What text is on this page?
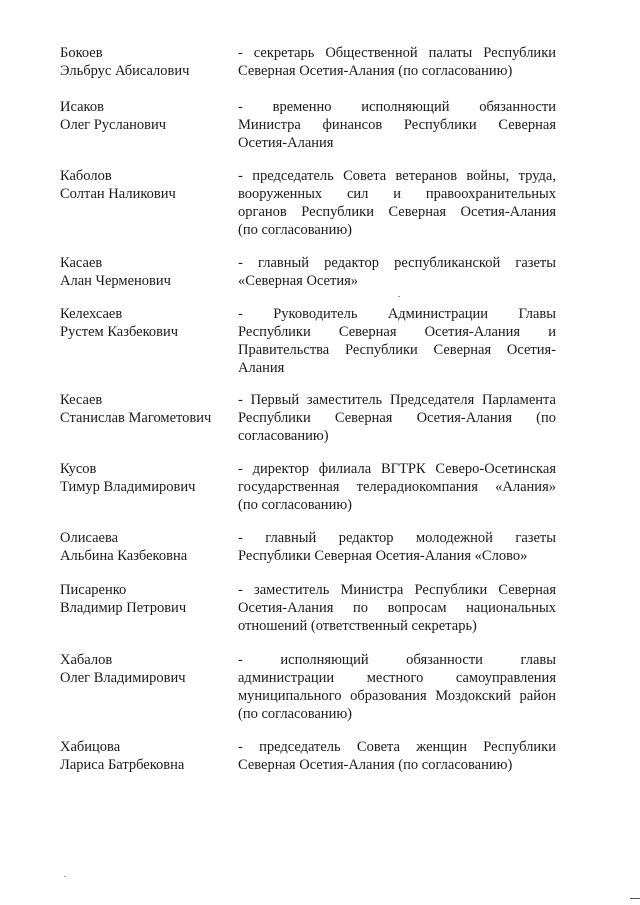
Бокоев
Эльбрус Абисалович
- секретарь Общественной палаты Республики
Северная Осетия-Алания (по согласованию)
Исаков
Олег Русланович
- временно исполняющий обязанности
Министра финансов Республики Северная
Осетия-Алания
Каболов
Солтан Наликович
- председатель Совета ветеранов войны, труда,
вооруженных сил и правоохранительных
органов Республики Северная Осетия-Алания
(по согласованию)
Касаев
Алан Черменович
- главный редактор республиканской газеты
«Северная Осетия»
Келехсаев
Рустем Казбекович
- Руководитель Администрации Главы
Республики Северная Осетия-Алания и
Правительства Республики Северная Осетия-
Алания
Кесаев
Станислав Магометович
- Первый заместитель Председателя Парламента
Республики Северная Осетия-Алания (по
согласованию)
Кусов
Тимур Владимирович
- директор филиала ВГТРК Северо-Осетинская
государственная телерадиокомпания «Алания»
(по согласованию)
Олисаева
Альбина Казбековна
- главный редактор молодежной газеты
Республики Северная Осетия-Алания «Слово»
Писаренко
Владимир Петрович
- заместитель Министра Республики Северная
Осетия-Алания по вопросам национальных
отношений (ответственный секретарь)
Хабалов
Олег Владимирович
- исполняющий обязанности главы
администрации местного самоуправления
муниципального образования Моздокский район
(по согласованию)
Хабицова
Лариса Батрбековна
- председатель Совета женщин Республики
Северная Осетия-Алания (по согласованию)
